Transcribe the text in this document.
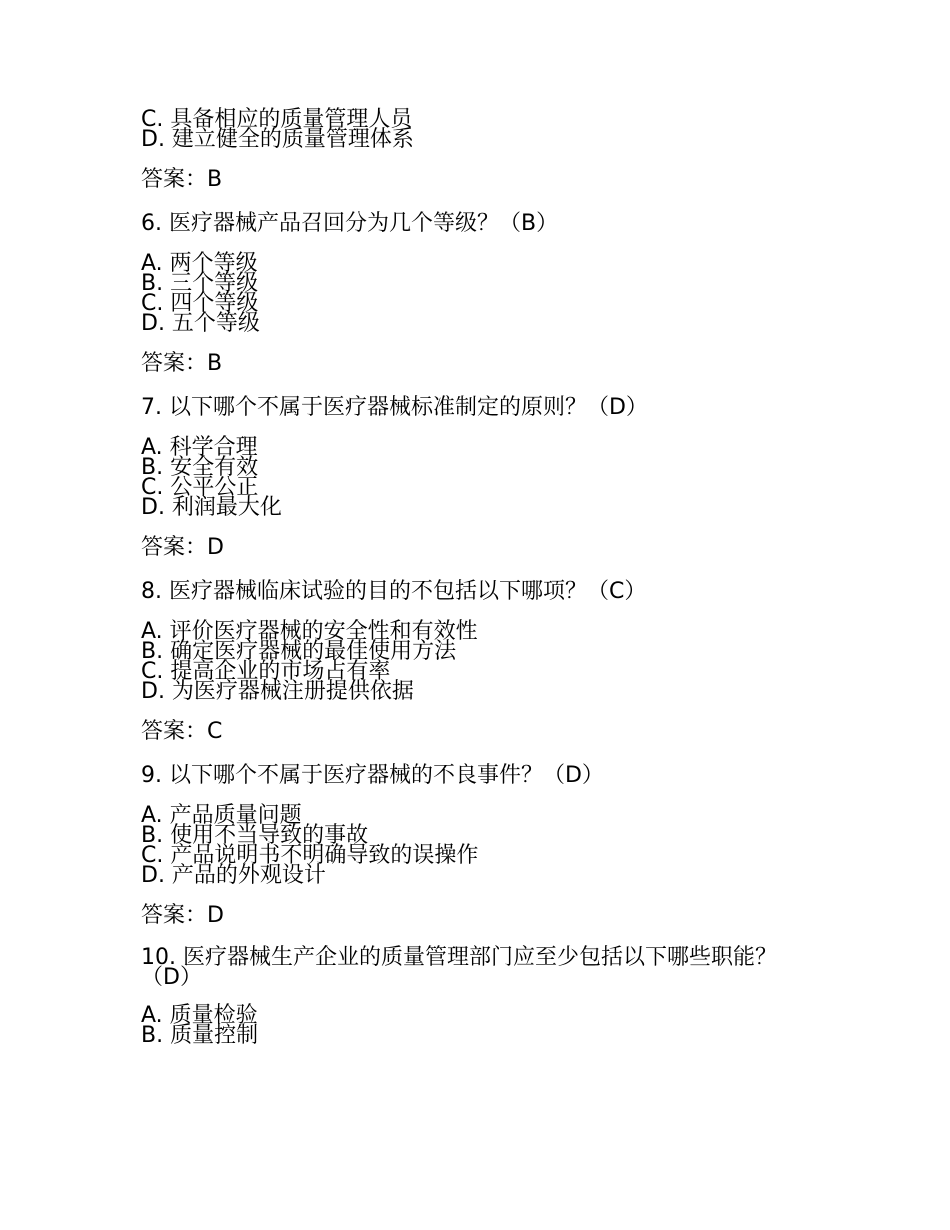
C. 具备相应的质量管理人员
D. 建立健全的质量管理体系
答案：B
6. 医疗器械产品召回分为几个等级？（B）
A. 两个等级
B. 三个等级
C. 四个等级
D. 五个等级
答案：B
7. 以下哪个不属于医疗器械标准制定的原则？（D）
A. 科学合理
B. 安全有效
C. 公平公正
D. 利润最大化
答案：D
8. 医疗器械临床试验的目的不包括以下哪项？（C）
A. 评价医疗器械的安全性和有效性
B. 确定医疗器械的最佳使用方法
C. 提高企业的市场占有率
D. 为医疗器械注册提供依据
答案：C
9. 以下哪个不属于医疗器械的不良事件？（D）
A. 产品质量问题
B. 使用不当导致的事故
C. 产品说明书不明确导致的误操作
D. 产品的外观设计
答案：D
10. 医疗器械生产企业的质量管理部门应至少包括以下哪些职能？（D）
A. 质量检验
B. 质量控制
